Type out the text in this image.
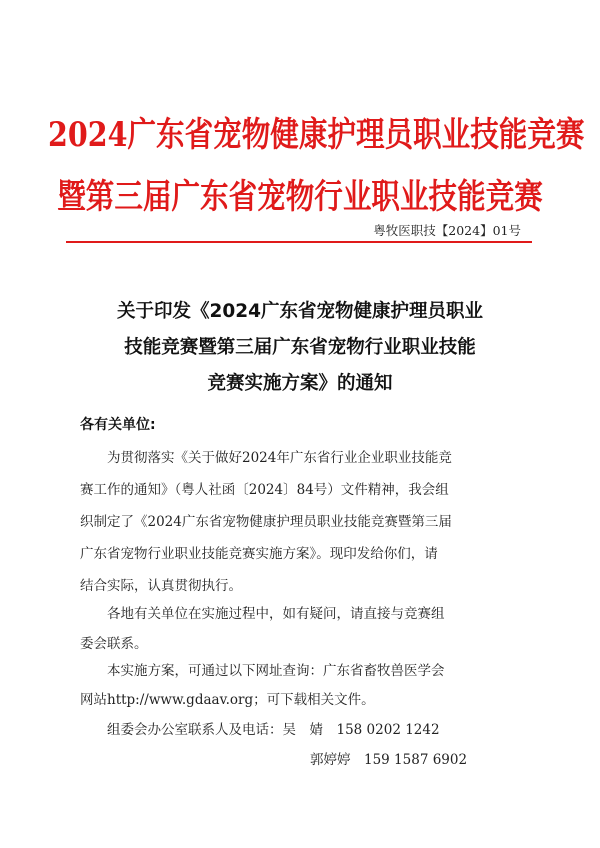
2024广东省宠物健康护理员职业技能竞赛
暨第三届广东省宠物行业职业技能竞赛
粤牧医职技【2024】01号
关于印发《2024广东省宠物健康护理员职业
技能竞赛暨第三届广东省宠物行业职业技能
竞赛实施方案》的通知
各有关单位:
为贯彻落实《关于做好2024年广东省行业企业职业技能竞
赛工作的通知》（粤人社函〔2024〕84号）文件精神，我会组
织制定了《2024广东省宠物健康护理员职业技能竞赛暨第三届
广东省宠物行业职业技能竞赛实施方案》。现印发给你们，请
结合实际，认真贯彻执行。
各地有关单位在实施过程中，如有疑问，请直接与竞赛组
委会联系。
本实施方案，可通过以下网址查询：广东省畜牧兽医学会
网站http://www.gdaav.org；可下载相关文件。
组委会办公室联系人及电话：吴　婧　158 0202 1242
郭婷婷　159 1587 6902
